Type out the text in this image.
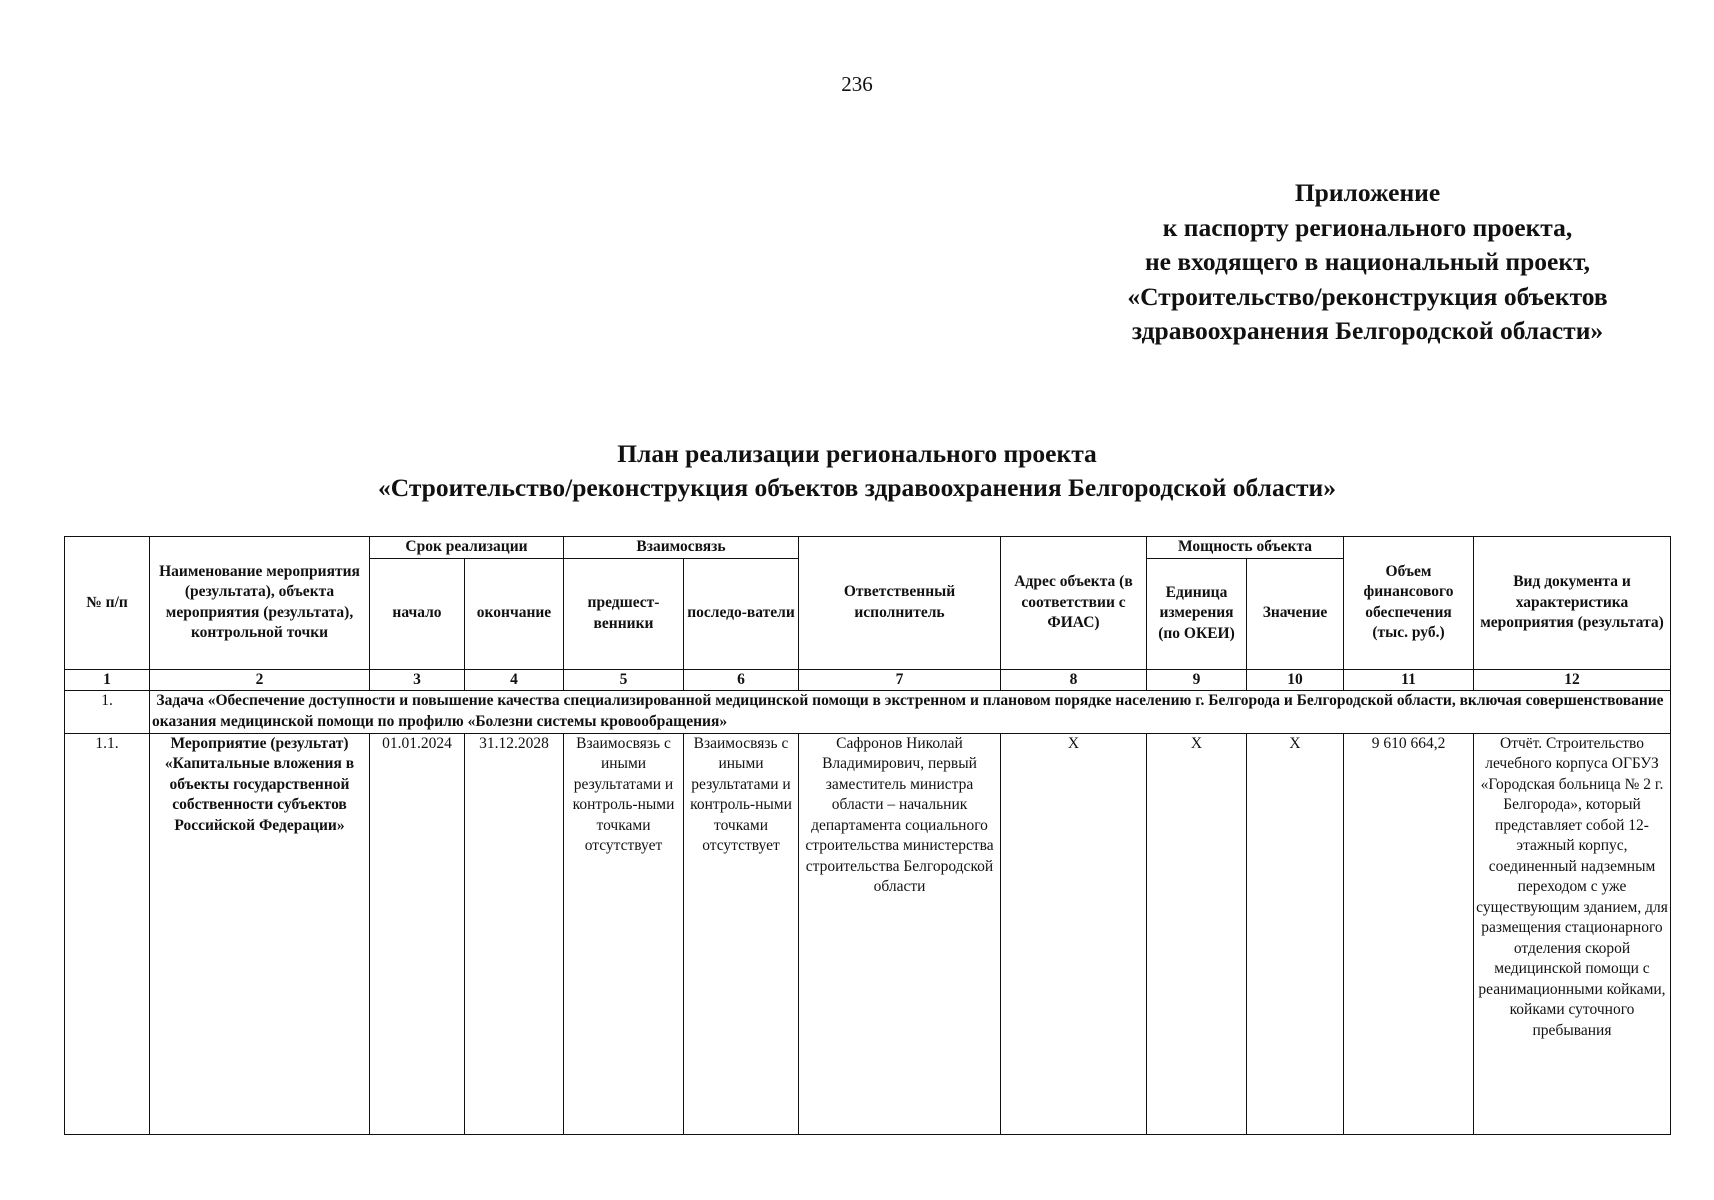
236
Приложение
к паспорту регионального проекта,
не входящего в национальный проект,
«Строительство/реконструкция объектов
здравоохранения Белгородской области»
План реализации регионального проекта
«Строительство/реконструкция объектов здравоохранения Белгородской области»
№ п/п	Наименование мероприятия (результата), объекта мероприятия (результата), контрольной точки	Срок реализации		Взаимосвязь		Ответственный исполнитель	Адрес объекта (в соответствии с ФИАС)	Мощность объекта		Объем финансового обеспечения (тыс. руб.)	Вид документа и характеристика мероприятия (результата)
		начало	окончание	предшест-венники	последо-ватели			Единица измерения (по ОКЕИ)	Значение		
1	2	3	4	5	6	7	8	9	10	11	12
1.	Задача «Обеспечение доступности и повышение качества специализированной медицинской помощи в экстренном и плановом порядке населению г. Белгорода и Белгородской области, включая совершенствование оказания медицинской помощи по профилю «Болезни системы кровообращения»										
1.1.	Мероприятие (результат) «Капитальные вложения в объекты государственной собственности субъектов Российской Федерации»	01.01.2024	31.12.2028	Взаимосвязь с иными результатами и контроль-ными точками отсутствует	Взаимосвязь с иными результатами и контроль-ными точками отсутствует	Сафронов Николай Владимирович, первый заместитель министра области – начальник департамента социального строительства министерства строительства Белгородской области	X	X	X	9 610 664,2	Отчёт. Строительство лечебного корпуса ОГБУЗ «Городская больница № 2 г. Белгорода», который представляет собой 12-этажный корпус, соединенный надземным переходом с уже существующим зданием, для размещения стационарного отделения скорой медицинской помощи с реанимационными койками, койками суточного пребывания
